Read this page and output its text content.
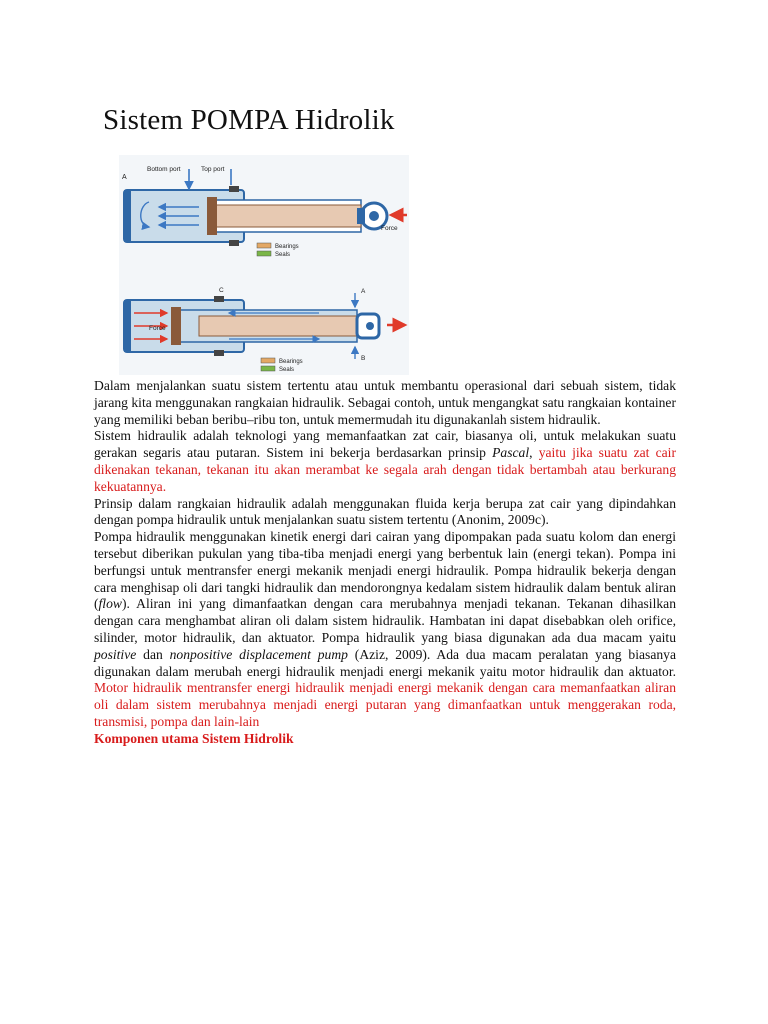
Sistem POMPA Hidrolik
A
Bottom port	Top port
Force
Bearings
Seals
C	A
B
Force
Bearings
Seals

Dalam menjalankan suatu sistem tertentu atau untuk membantu operasional dari sebuah sistem, tidak jarang kita menggunakan rangkaian hidraulik. Sebagai contoh, untuk mengangkat satu rangkaian kontainer yang memiliki beban beribu–ribu ton, untuk memermudah itu digunakanlah sistem hidraulik.

Sistem hidraulik adalah teknologi yang memanfaatkan zat cair, biasanya oli, untuk melakukan suatu gerakan segaris atau putaran. Sistem ini bekerja berdasarkan prinsip Pascal, yaitu jika suatu zat cair dikenakan tekanan, tekanan itu akan merambat ke segala arah dengan tidak bertambah atau berkurang kekuatannya.

Prinsip dalam rangkaian hidraulik adalah menggunakan fluida kerja berupa zat cair yang dipindahkan dengan pompa hidraulik untuk menjalankan suatu sistem tertentu (Anonim, 2009c).

Pompa hidraulik menggunakan kinetik energi dari cairan yang dipompakan pada suatu kolom dan energi tersebut diberikan pukulan yang tiba-tiba menjadi energi yang berbentuk lain (energi tekan). Pompa ini berfungsi untuk mentransfer energi mekanik menjadi energi hidraulik. Pompa hidraulik bekerja dengan cara menghisap oli dari tangki hidraulik dan mendorongnya kedalam sistem hidraulik dalam bentuk aliran (flow). Aliran ini yang dimanfaatkan dengan cara merubahnya menjadi tekanan. Tekanan dihasilkan dengan cara menghambat aliran oli dalam sistem hidraulik. Hambatan ini dapat disebabkan oleh orifice, silinder, motor hidraulik, dan aktuator. Pompa hidraulik yang biasa digunakan ada dua macam yaitu positive dan nonpositive displacement pump (Aziz, 2009). Ada dua macam peralatan yang biasanya digunakan dalam merubah energi hidraulik menjadi energi mekanik yaitu motor hidraulik dan aktuator. Motor hidraulik mentransfer energi hidraulik menjadi energi mekanik dengan cara memanfaatkan aliran oli dalam sistem merubahnya menjadi energi putaran yang dimanfaatkan untuk menggerakan roda, transmisi, pompa dan lain-lain

Komponen utama Sistem Hidrolik
